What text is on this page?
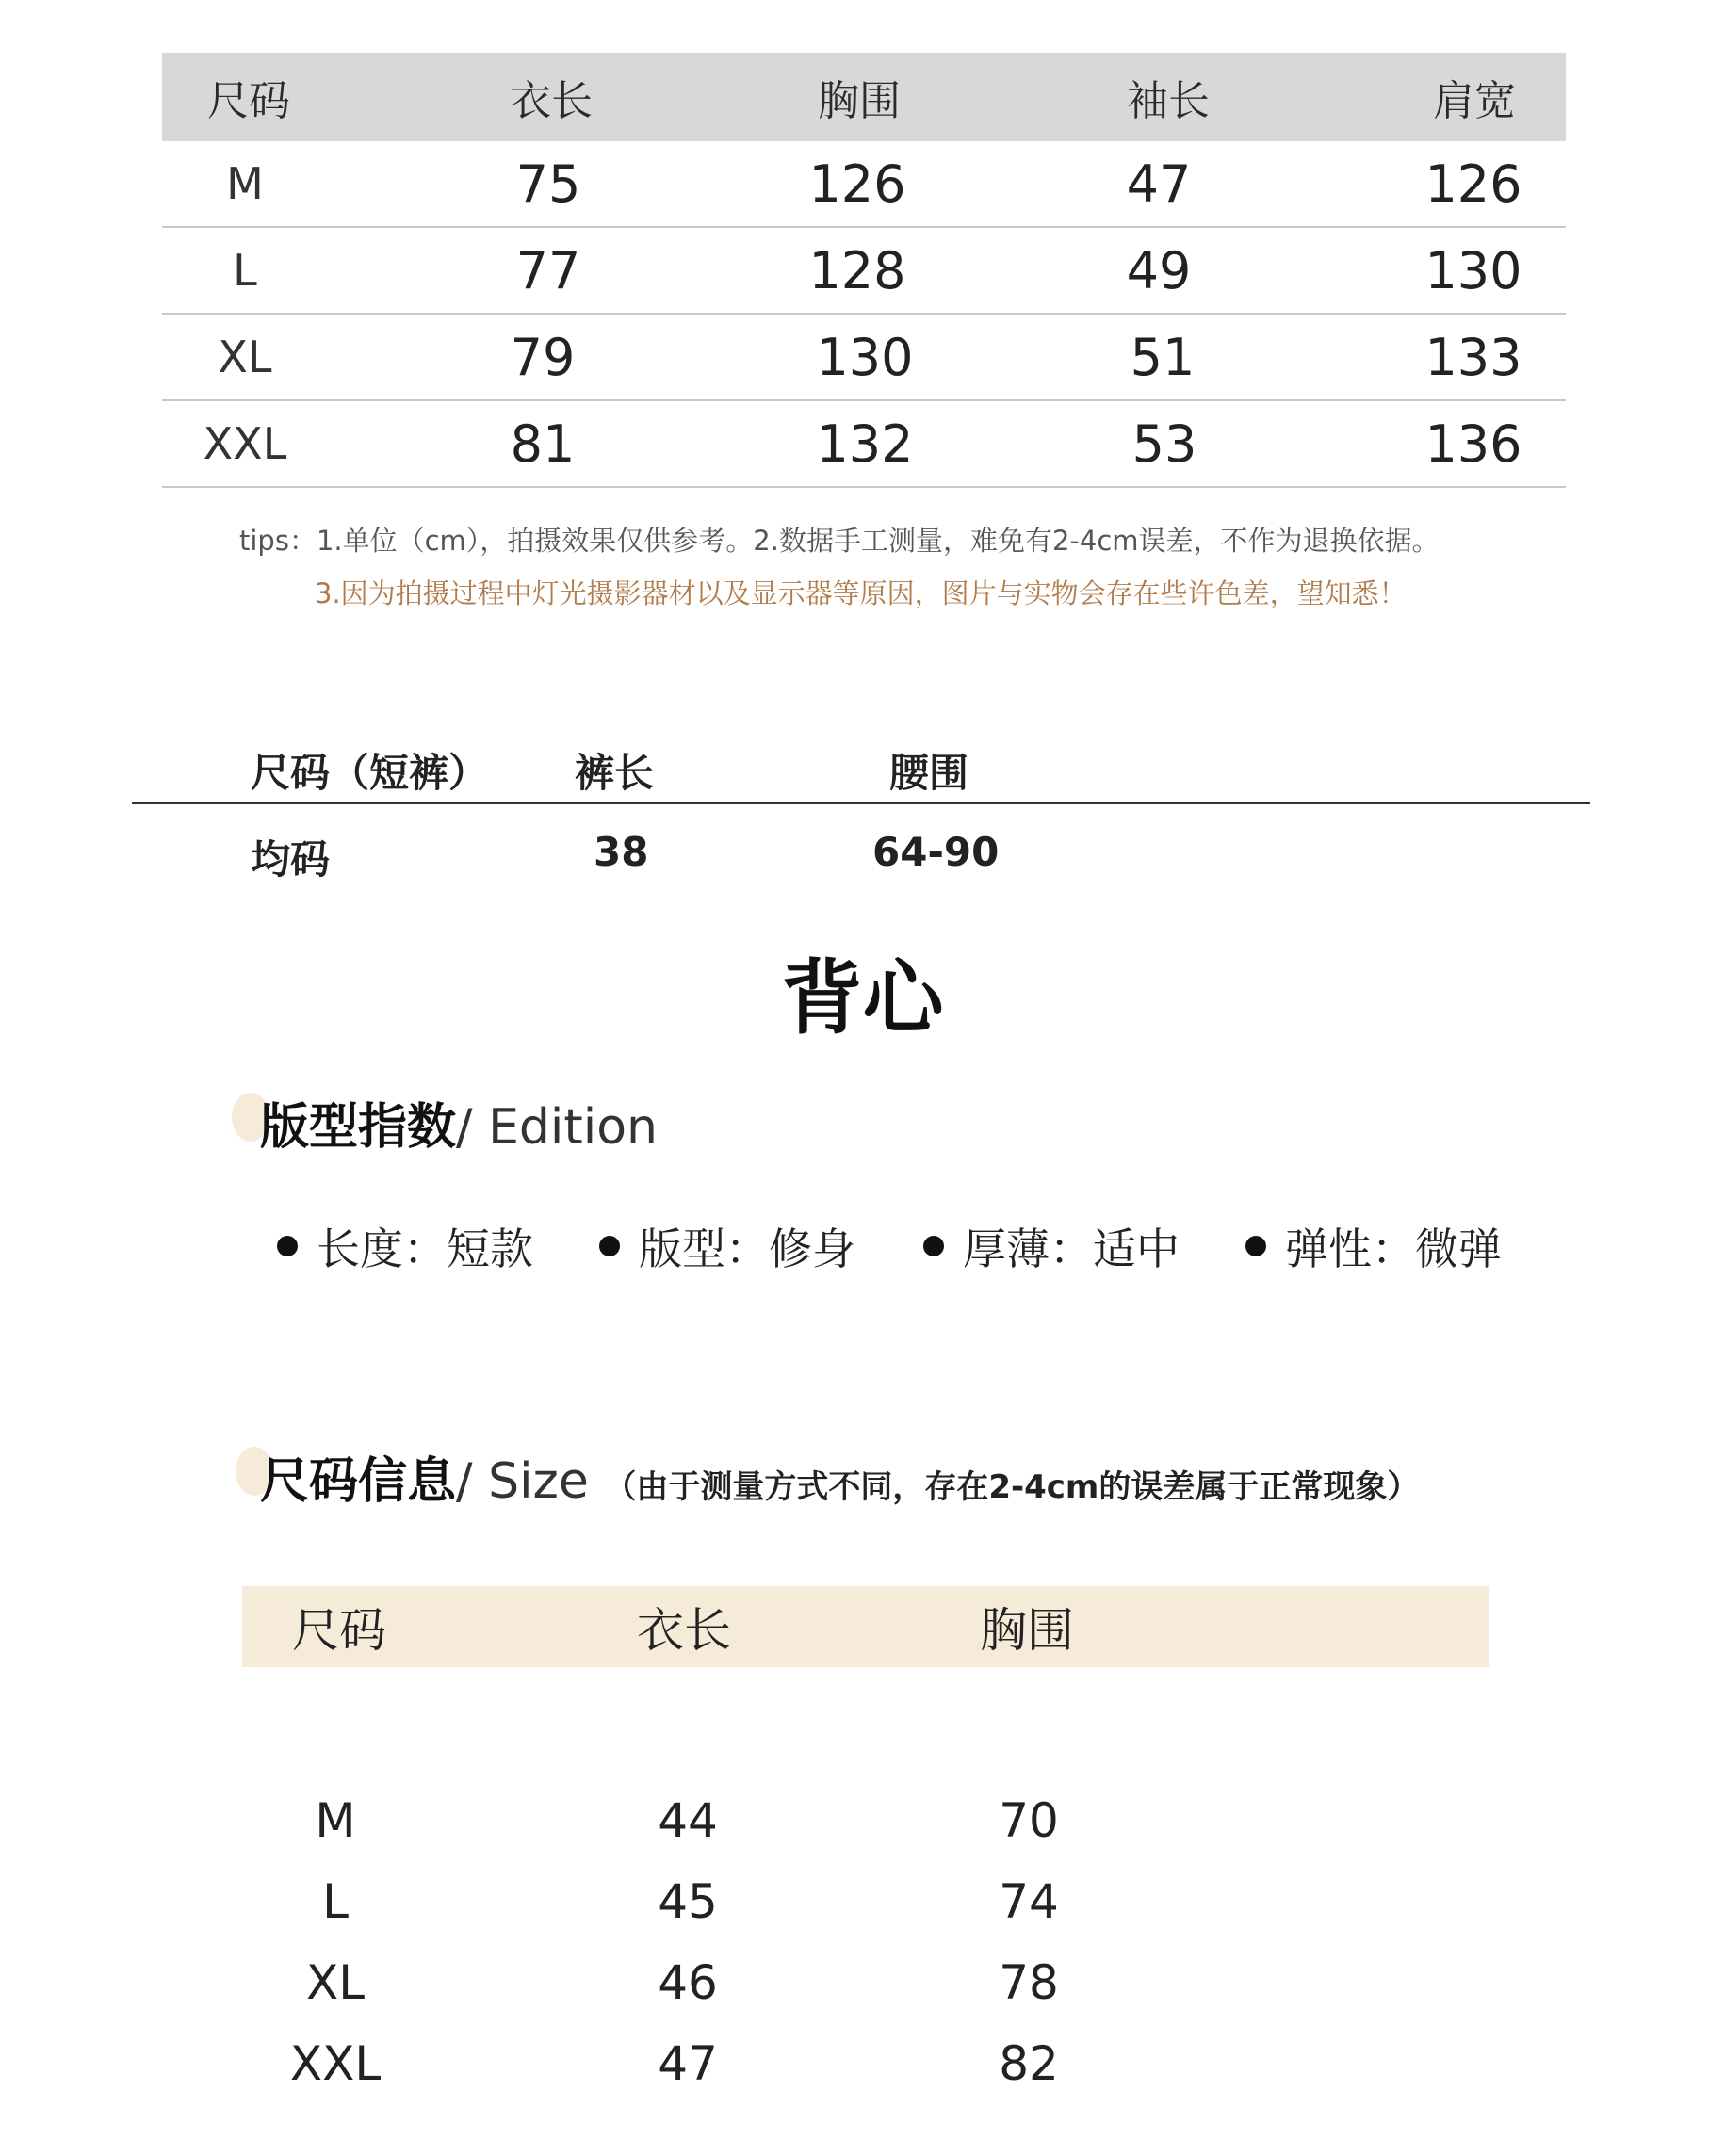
尺码	衣长	胸围	袖长	肩宽
M	75	126	47	126
L	77	128	49	130
XL	79	130	51	133
XXL	81	132	53	136
tips：1.单位（cm），拍摄效果仅供参考。2.数据手工测量，难免有2-4cm误差，不作为退换依据。
3.因为拍摄过程中灯光摄影器材以及显示器等原因，图片与实物会存在些许色差，望知悉！
尺码（短裤） 裤长	腰围
均码	38	64-90
背心
版型指数/ Edition
长度：短款 版型：修身 厚薄：适中 弹性：微弹
尺码信息/ Size （由于测量方式不同，存在2-4cm的误差属于正常现象）
尺码	衣长	胸围
M	44	70
L	45	74
XL	46	78
XXL	47	82
